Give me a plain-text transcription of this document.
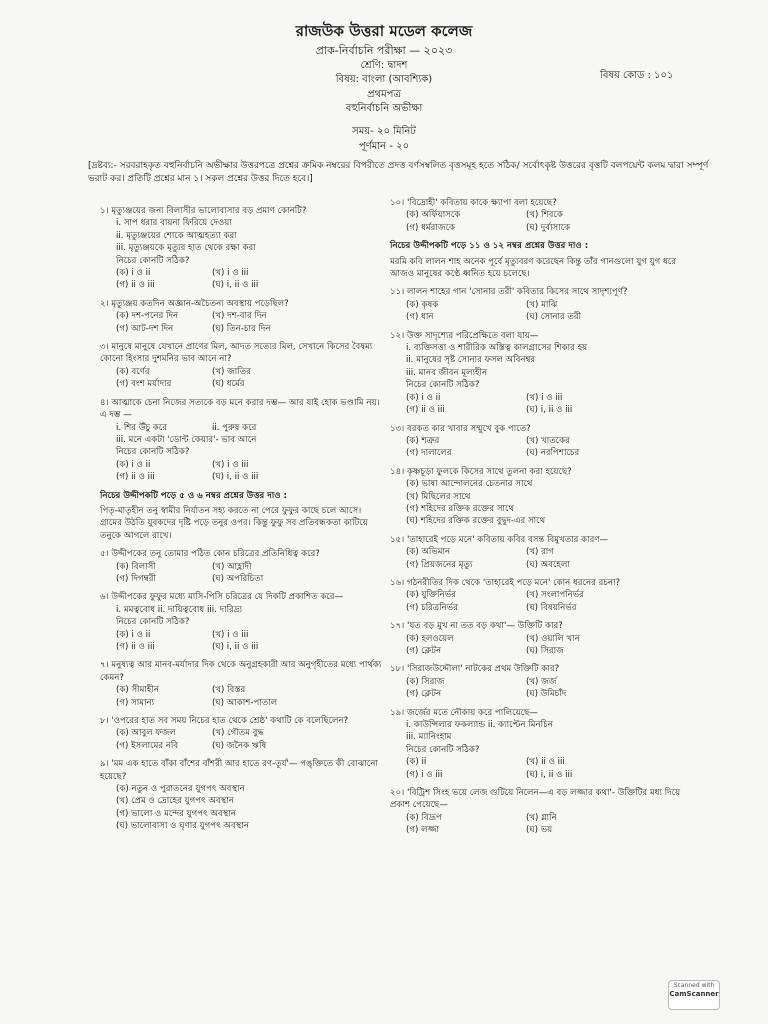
রাজউক উত্তরা মডেল কলেজ
প্রাক-নির্বাচনি পরীক্ষা — ২০২৩
শ্রেণি: দ্বাদশ
বিষয়: বাংলা (আবশ্যিক)
প্রথমপত্র
বহুনির্বাচনি অভীক্ষা
বিষয় কোড : ১০১
সময়- ২০ মিনিট
পূর্ণমান - ২০
[দ্রষ্টব্য:- সরবরাহকৃত বহুনির্বাচনি অভীক্ষার উত্তরপত্রে প্রশ্নের ক্রমিক নম্বরের বিপরীতে প্রদত্ত বর্ণসম্বলিত বৃত্তসমূহ হতে সঠিক/ সর্বোৎকৃষ্ট উত্তরের বৃত্তটি বলপয়েন্ট কলম দ্বারা সম্পূর্ণ ভরাট কর। প্রতিটি প্রশ্নের মান ১। সকল প্রশ্নের উত্তর দিতে হবে।]
১। মৃত্যুঞ্জয়ের জন্য বিলাসীর ভালোবাসার বড় প্রমাণ কোনটি?
i. সাপ ধরার বায়না ফিরিয়ে দেওয়া
ii. মৃত্যুঞ্জয়ের শোকে আত্মহত্যা করা
iii. মৃত্যুঞ্জয়কে মৃত্যুর হাত থেকে রক্ষা করা
নিচের কোনটি সঠিক?
(ক) i ও ii	(খ) i ও iii
(গ) ii ও iii	(ঘ) i, ii ও iii
২। মৃত্যুঞ্জয় কতদিন অজ্ঞান-অচৈতন্য অবস্থায় পড়েছিল?
(ক) দশ-পনের দিন	(খ) দশ-বার দিন
(গ) আট-দশ দিন	(ঘ) তিন-চার দিন
৩। মানুষে মানুষে যেখানে প্রাণের মিল, আদত সত্যের মিল, সেখানে কিসের বৈষম্য কোনো হিংসার দুশমনির ভাব আনে না?
(ক) বর্ণের	(খ) জাতির
(গ) বংশ মর্যাদার	(ঘ) ধর্মের
৪। আত্মাকে চেনা নিজের সত্যকে বড় মনে করার দম্ভ— আর যাই হোক ভণ্ডামি নয়। এ দম্ভ —
i. শির উঁচু করে	ii. পুরুষ করে
iii. মনে একটা 'ডোন্ট কেয়ার'- ভাব আনে
নিচের কোনটি সঠিক?
(ক) i ও ii	(খ) i ও iii
(গ) ii ও iii	(ঘ) i, ii ও iii
নিচের উদ্দীপকটি পড়ে ৫ ও ৬ নম্বর প্রশ্নের উত্তর দাও :
পিতৃ-মাতৃহীন তনু স্বামীর নির্যাতন সহ্য করতে না পেরে ফুফুর কাছে চলে আসে। গ্রামের উঠতি যুবকদের দৃষ্টি পড়ে তনুর ওপর। কিন্তু ফুফু সব প্রতিবন্ধকতা কাটিয়ে তনুকে আগলে রাখে।
৫। উদ্দীপকের তনু তোমার পঠিত কোন চরিত্রের প্রতিনিধিত্ব করে?
(ক) বিলাসী	(খ) আহ্লাদী
(গ) দিগম্বরী	(ঘ) অপরিচিতা
৬। উদ্দীপকের ফুফুর মধ্যে মাসি-পিসি চরিত্রের যে দিকটি প্রকাশিত করে—
i. মমত্ববোধ ii. দায়িত্ববোধ iii. দারিদ্র্য
নিচের কোনটি সঠিক?
(ক) i ও ii	(খ) i ও iii
(গ) ii ও iii	(ঘ) i, ii ও iii
৭। মনুষ্যত্ব আর মানব-মর্যাদার দিক থেকে অনুগ্রহকারী আর অনুগৃহীতের মধ্যে পার্থক্য কেমন?
(ক) সীমাহীন	(খ) বিস্তর
(গ) সামান্য	(ঘ) আকাশ-পাতাল
৮। 'ওপরের হাত সব সময় নিচের হাত থেকে শ্রেষ্ঠ' কথাটি কে বলেছিলেন?
(ক) আবুল ফজল	(খ) গৌতম বুদ্ধ
(গ) ইসলামের নবি	(ঘ) জনৈক ঋষি
৯। 'মম এক হাতে বাঁকা বাঁশের বাঁশরী আর হাতে রণ-তূর্য'— পঙ্‌ক্তিতে কী বোঝানো হয়েছে?
(ক) নতুন ও পুরাতনের যুগপৎ অবস্থান
(খ) প্রেম ও দ্রোহের যুগপৎ অবস্থান
(গ) ভালো ও মন্দের যুগপৎ অবস্থান
(ঘ) ভালোবাসা ও ঘৃণার যুগপৎ অবস্থান
১০। 'বিদ্রোহী' কবিতায় কাকে ক্ষ্যাপা বলা হয়েছে?
(ক) অর্ফিয়াসকে	(খ) শিবকে
(গ) ধর্মরাজকে	(ঘ) দুর্বাসাকে
নিচের উদ্দীপকটি পড়ে ১১ ও ১২ নম্বর প্রশ্নের উত্তর দাও :
মরমি কবি লালন শাহ অনেক পূর্বে মৃত্যুবরণ করেছেন কিন্তু তাঁর গানগুলো যুগ যুগ ধরে আজও মানুষের কণ্ঠে ধ্বনিত হয়ে চলেছে।
১১। লালন শাহের গান 'সোনার তরী' কবিতার কিসের সাথে সাদৃশ্যপূর্ণ?
(ক) কৃষক	(খ) মাঝি
(গ) ধান	(ঘ) সোনার তরী
১২। উক্ত সাদৃশ্যের পরিপ্রেক্ষিতে বলা যায়—
i. ব্যক্তিসত্তা ও শারীরিক অস্তিত্ব কালগ্রাসের শিকার হয়
ii. মানুষের সৃষ্ট সোনার ফসল অবিনশ্বর
iii. মানব জীবন মূল্যহীন
নিচের কোনটি সঠিক?
(ক) i ও ii	(খ) i ও iii
(গ) ii ও iii	(ঘ) i, ii ও iii
১৩। বরকত কার খাবার সম্মুখে বুক পাতে?
(ক) শত্রুর	(খ) খাতকের
(গ) দালালের	(ঘ) নরপিশাচের
১৪। কৃষ্ণচূড়া ফুলকে কিসের সাথে তুলনা করা হয়েছে?
(ক) ভাষা আন্দোলনের চেতনার সাথে
(খ) মিছিলের সাথে
(গ) শহিদের রক্তিক রক্তের সাথে
(ঘ) শহিদের রক্তিক রক্তের বুদ্বুদ-এর সাথে
১৫। 'তাহারেই পড়ে মনে' কবিতায় কবির বসন্ত বিমুখতার কারণ—
(ক) অভিমান	(খ) রাগ
(গ) প্রিয়জনের মৃত্যু	(ঘ) অবহেলা
১৬। গঠনরীতির দিক থেকে 'তাহারেই পড়ে মনে' কোন ধরনের রচনা?
(ক) যুক্তিনির্ভর	(খ) সংলাপনির্ভর
(গ) চরিত্রনির্ভর	(ঘ) বিষয়নির্ভর
১৭। 'যত বড় মুখ না তত বড় কথা'— উক্তিটি কার?
(ক) হলওয়েল	(খ) ওয়ালি খান
(গ) ক্লেটন	(ঘ) সিরাজ
১৮। 'সিরাজউদ্দৌলা' নাটকের প্রথম উক্তিটি কার?
(ক) সিরাজ	(খ) জর্জ
(গ) ক্লেটন	(ঘ) উমিচাঁদ
১৯। জর্জের মতে নৌকায় করে পালিয়েছে—
i. কাউন্সিলার ফকল্যান্ড ii. ক্যাপ্টেন মিনচিন
iii. ম্যানিংহাম
নিচের কোনটি সঠিক?
(ক) ii	(খ) ii ও iii
(গ) i ও iii	(ঘ) i, ii ও iii
২০। 'বিট্রিশ সিংহ ভয়ে লেজ গুটিয়ে নিলেন—এ বড় লজ্জার কথা'- উক্তিটির মধ্য দিয়ে প্রকাশ পেয়েছে—
(ক) বিদ্রূপ	(খ) গ্লানি
(গ) লজ্জা	(ঘ) ভয়
Scanned with
CamScanner
